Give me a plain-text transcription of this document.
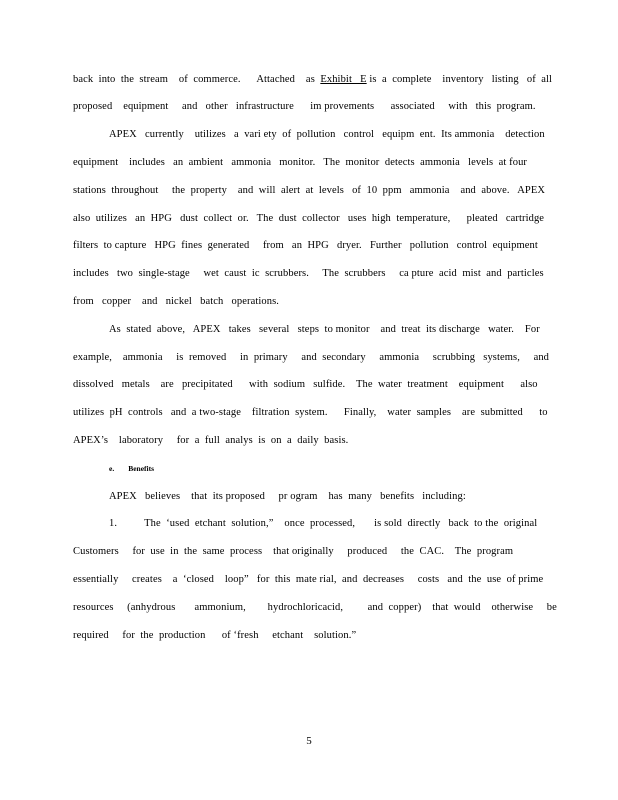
back  into  the  stream    of  commerce.      Attached    as  Exhibit   E is  a  complete    inventory   listing   of  all
proposed    equipment     and   other   infrastructure      im provements      associated     with   this  program.
APEX   currently    utilizes   a  vari ety  of  pollution   control   equipm  ent.  Its ammonia    detection
equipment    includes   an  ambient   ammonia   monitor.   The  monitor  detects  ammonia   levels  at four
stations  throughout     the  property    and  will  alert  at  levels   of  10  ppm   ammonia    and  above.   APEX
also  utilizes   an  HPG   dust  collect  or.   The  dust  collector   uses  high  temperature,      pleated   cartridge
filters  to capture   HPG  fines  generated     from   an  HPG   dryer.   Further   pollution   control  equipment
includes   two  single-stage     wet  caust  ic  scrubbers.     The  scrubbers     ca pture  acid  mist  and  particles
from   copper    and   nickel   batch   operations.
As  stated  above,   APEX   takes   several   steps  to monitor    and  treat  its discharge   water.    For
example,    ammonia     is  removed     in  primary     and  secondary     ammonia     scrubbing   systems,     and
dissolved   metals    are   precipitated      with  sodium   sulfide.    The  water  treatment    equipment      also
utilizes  pH  controls   and  a two-stage    filtration  system.      Finally,    water  samples    are  submitted      to
APEX’s    laboratory     for  a  full  analys  is  on  a  daily  basis.
e. Benefits
APEX   believes    that  its proposed     pr ogram    has  many   benefits   including:
1.          The  ‘used  etchant  solution,”    once  processed,       is sold  directly   back  to the  original
Customers     for  use  in  the  same  process    that originally     produced     the  CAC.    The  program
essentially     creates    a  ‘closed    loop”   for  this  mate rial,  and  decreases     costs   and  the  use  of prime
resources     (anhydrous       ammonium,        hydrochloricacid,         and  copper)    that  would    otherwise     be
required     for  the  production      of ‘fresh     etchant    solution.”
5
